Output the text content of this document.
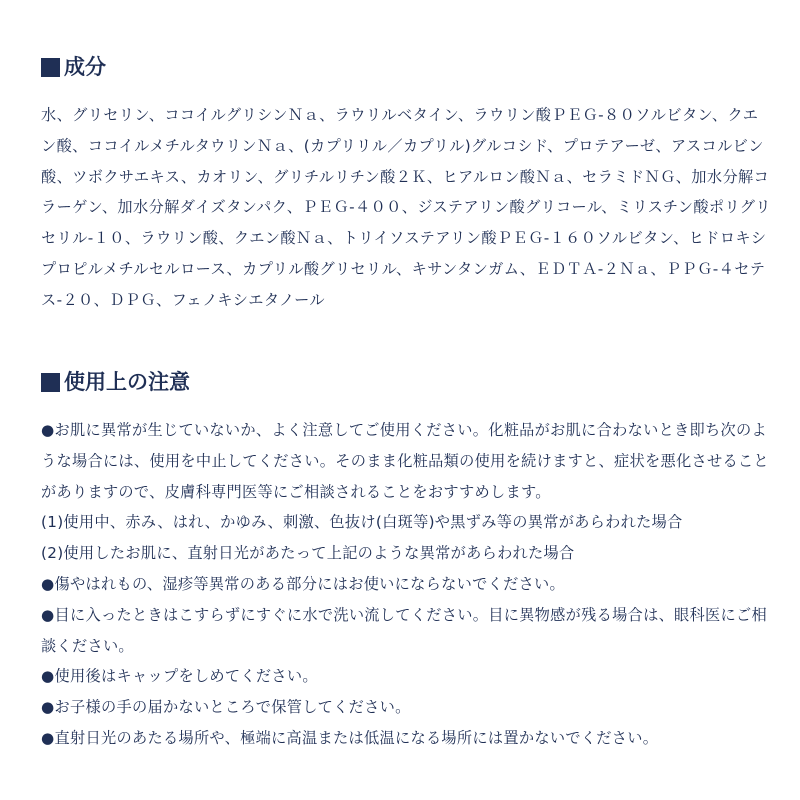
成分

水、グリセリン、ココイルグリシンＮａ、ラウリルベタイン、ラウリン酸ＰＥＧ-８０ソルビタン、クエン酸、ココイルメチルタウリンＮａ、(カプリリル／カプリル)グルコシド、プロテアーゼ、アスコルビン酸、ツボクサエキス、カオリン、グリチルリチン酸２Ｋ、ヒアルロン酸Ｎａ、セラミドＮＧ、加水分解コラーゲン、加水分解ダイズタンパク、ＰＥＧ-４００、ジステアリン酸グリコール、ミリスチン酸ポリグリセリル-１０、ラウリン酸、クエン酸Ｎａ、トリイソステアリン酸ＰＥＧ-１６０ソルビタン、ヒドロキシプロピルメチルセルロース、カプリル酸グリセリル、キサンタンガム、ＥＤＴＡ-２Ｎａ、ＰＰＧ-４セテス-２０、ＤＰＧ、フェノキシエタノール

使用上の注意
●お肌に異常が生じていないか、よく注意してご使用ください。化粧品がお肌に合わないとき即ち次のような場合には、使用を中止してください。そのまま化粧品類の使用を続けますと、症状を悪化させることがありますので、皮膚科専門医等にご相談されることをおすすめします。
(1)使用中、赤み、はれ、かゆみ、刺激、色抜け(白斑等)や黒ずみ等の異常があらわれた場合
(2)使用したお肌に、直射日光があたって上記のような異常があらわれた場合
●傷やはれもの、湿疹等異常のある部分にはお使いにならないでください。
●目に入ったときはこすらずにすぐに水で洗い流してください。目に異物感が残る場合は、眼科医にご相談ください。
●使用後はキャップをしめてください。
●お子様の手の届かないところで保管してください。
●直射日光のあたる場所や、極端に高温または低温になる場所には置かないでください。
